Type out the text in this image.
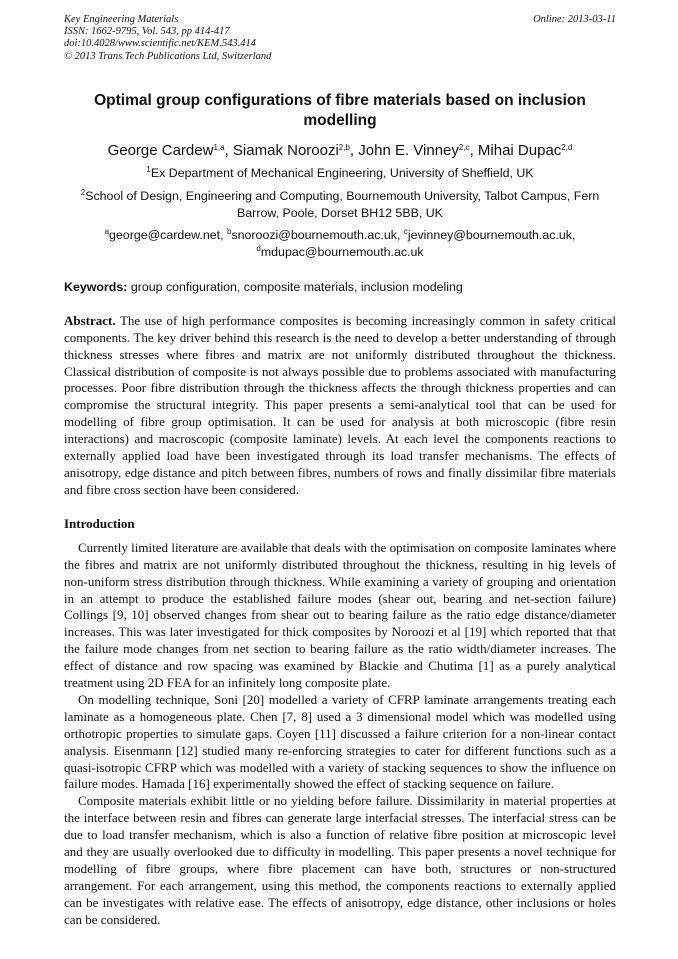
Key Engineering Materials
ISSN: 1662-9795, Vol. 543, pp 414-417
doi:10.4028/www.scientific.net/KEM.543.414
© 2013 Trans Tech Publications Ltd, Switzerland
Online: 2013-03-11
Optimal group configurations of fibre materials based on inclusion modelling
George Cardew$^{1,a}$, Siamak Noroozi$^{2,b}$, John E. Vinney$^{2,c}$, Mihai Dupac$^{2,d}$
$^1$Ex Department of Mechanical Engineering, University of Sheffield, UK
$^2$School of Design, Engineering and Computing, Bournemouth University, Talbot Campus, Fern Barrow, Poole, Dorset BH12 5BB, UK
$^a$george@cardew.net, $^b$snoroozi@bournemouth.ac.uk, $^c$jevinney@bournemouth.ac.uk,
$^d$mdupac@bournemouth.ac.uk
Keywords: group configuration, composite materials, inclusion modeling
Abstract. The use of high performance composites is becoming increasingly common in safety critical components. The key driver behind this research is the need to develop a better understanding of through thickness stresses where fibres and matrix are not uniformly distributed throughout the thickness. Classical distribution of composite is not always possible due to problems associated with manufacturing processes. Poor fibre distribution through the thickness affects the through thickness properties and can compromise the structural integrity. This paper presents a semi-analytical tool that can be used for modelling of fibre group optimisation. It can be used for analysis at both microscopic (fibre resin interactions) and macroscopic (composite laminate) levels. At each level the components reactions to externally applied load have been investigated through its load transfer mechanisms. The effects of anisotropy, edge distance and pitch between fibres, numbers of rows and finally dissimilar fibre materials and fibre cross section have been considered.
Introduction

Currently limited literature are available that deals with the optimisation on composite laminates where the fibres and matrix are not uniformly distributed throughout the thickness, resulting in hig levels of non-uniform stress distribution through thickness. While examining a variety of grouping and orientation in an attempt to produce the established failure modes (shear out, bearing and net-section failure) Collings [9, 10] observed changes from shear out to bearing failure as the ratio edge distance/diameter increases. This was later investigated for thick composites by Noroozi et al [19] which reported that that the failure mode changes from net section to bearing failure as the ratio width/diameter increases. The effect of distance and row spacing was examined by Blackie and Chutima [1] as a purely analytical treatment using 2D FEA for an infinitely long composite plate.

On modelling technique, Soni [20] modelled a variety of CFRP laminate arrangements treating each laminate as a homogeneous plate. Chen [7, 8] used a 3 dimensional model which was modelled using orthotropic properties to simulate gaps. Coyen [11] discussed a failure criterion for a non-linear contact analysis. Eisenmann [12] studied many re-enforcing strategies to cater for different functions such as a quasi-isotropic CFRP which was modelled with a variety of stacking sequences to show the influence on failure modes. Hamada [16] experimentally showed the effect of stacking sequence on failure.

Composite materials exhibit little or no yielding before failure. Dissimilarity in material properties at the interface between resin and fibres can generate large interfacial stresses. The interfacial stress can be due to load transfer mechanism, which is also a function of relative fibre position at microscopic level and they are usually overlooked due to difficulty in modelling. This paper presents a novel technique for modelling of fibre groups, where fibre placement can have both, structures or non-structured arrangement. For each arrangement, using this method, the components reactions to externally applied can be investigates with relative ease. The effects of anisotropy, edge distance, other inclusions or holes can be considered.
